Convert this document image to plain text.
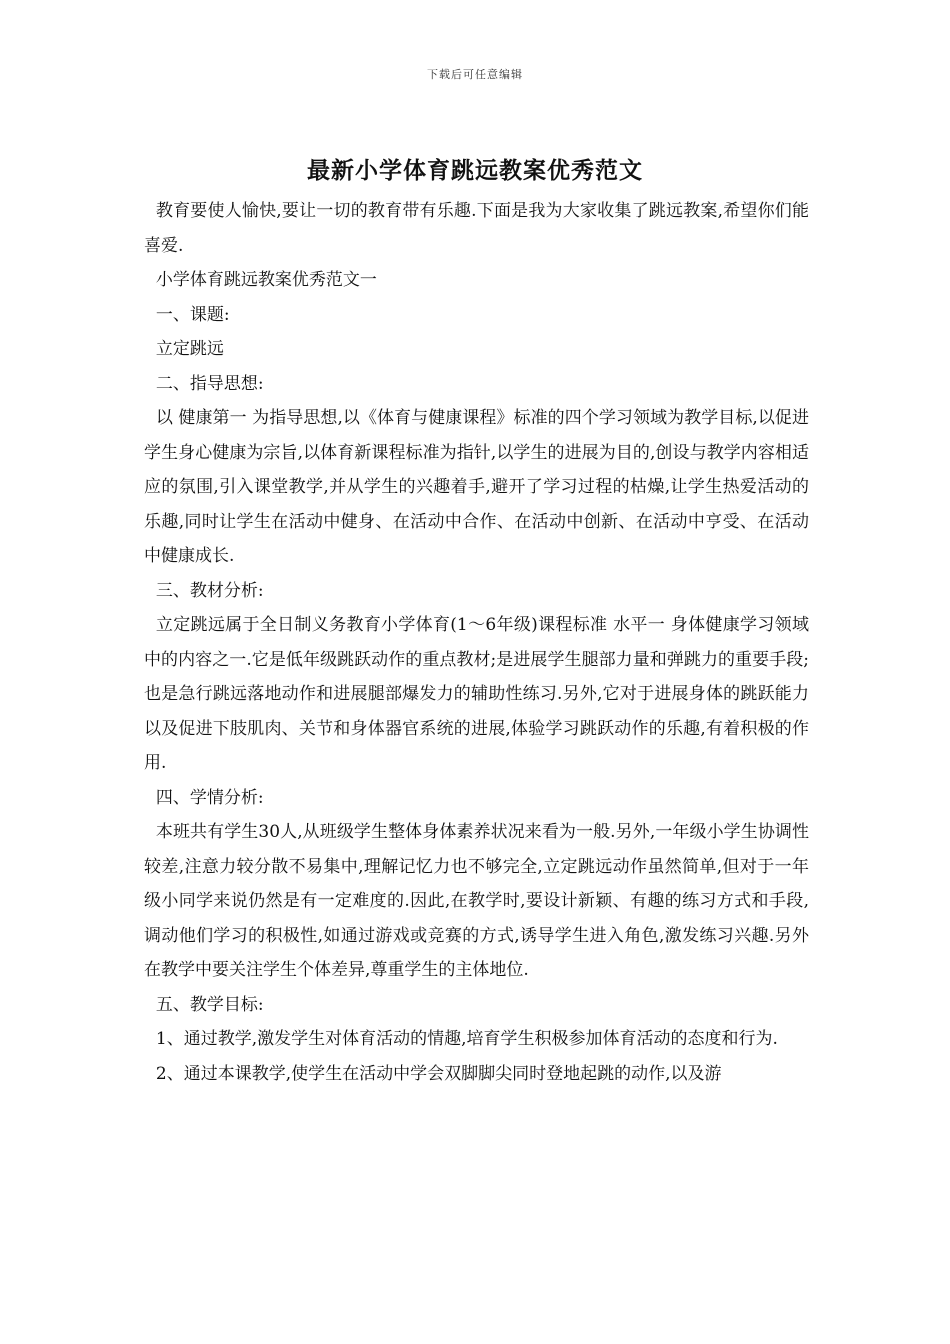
下载后可任意编辑
最新小学体育跳远教案优秀范文

教育要使人愉快,要让一切的教育带有乐趣.下面是我为大家收集了跳远教案,希望你们能喜爱.

小学体育跳远教案优秀范文一

一、课题:

立定跳远

二、指导思想:

以 健康第一 为指导思想,以《体育与健康课程》标准的四个学习领域为教学目标,以促进学生身心健康为宗旨,以体育新课程标准为指针,以学生的进展为目的,创设与教学内容相适应的氛围,引入课堂教学,并从学生的兴趣着手,避开了学习过程的枯燥,让学生热爱活动的乐趣,同时让学生在活动中健身、在活动中合作、在活动中创新、在活动中亨受、在活动中健康成长.

三、教材分析:

立定跳远属于全日制义务教育小学体育(1～6年级)课程标准 水平一 身体健康学习领域中的内容之一.它是低年级跳跃动作的重点教材;是进展学生腿部力量和弹跳力的重要手段;也是急行跳远落地动作和进展腿部爆发力的辅助性练习.另外,它对于进展身体的跳跃能力以及促进下肢肌肉、关节和身体器官系统的进展,体验学习跳跃动作的乐趣,有着积极的作用.

四、学情分析:

本班共有学生30人,从班级学生整体身体素养状况来看为一般.另外,一年级小学生协调性较差,注意力较分散不易集中,理解记忆力也不够完全,立定跳远动作虽然简单,但对于一年级小同学来说仍然是有一定难度的.因此,在教学时,要设计新颖、有趣的练习方式和手段,调动他们学习的积极性,如通过游戏或竞赛的方式,诱导学生进入角色,激发练习兴趣.另外在教学中要关注学生个体差异,尊重学生的主体地位.

五、教学目标:

1、通过教学,激发学生对体育活动的情趣,培育学生积极参加体育活动的态度和行为.

2、通过本课教学,使学生在活动中学会双脚脚尖同时登地起跳的动作,以及游
